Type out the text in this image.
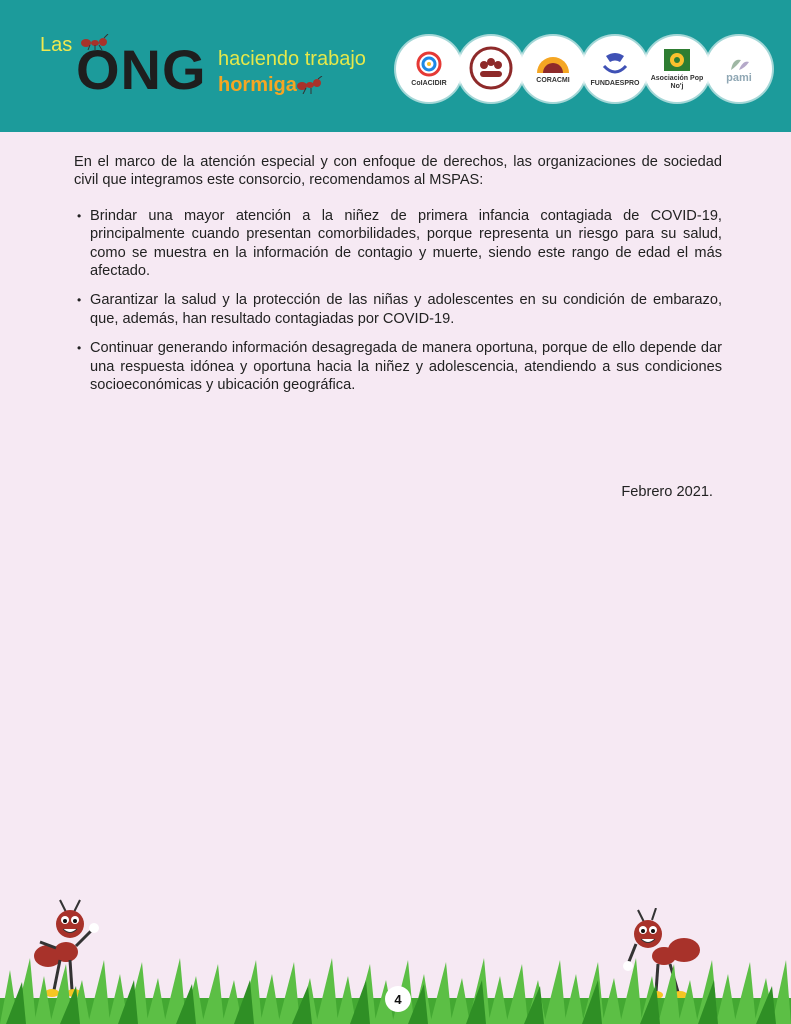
Las ONG haciendo trabajo
hormiga	CoIACIDIR	CORACMI	FUNDAESPRO
Asociación Pop No'j
pami

En el marco de la atención especial y con enfoque de derechos, las organizaciones de sociedad civil que integramos este consorcio, recomendamos al MSPAS:

• Brindar una mayor atención a la niñez de primera infancia contagiada de COVID-19, principalmente cuando presentan comorbilidades, porque representa un riesgo para su salud, como se muestra en la información de contagio y muerte, siendo este rango de edad el más afectado.
• Garantizar la salud y la protección de las niñas y adolescentes en su condición de embarazo, que, además, han resultado contagiadas por COVID-19.
• Continuar generando información desagregada de manera oportuna, porque de ello depende dar una respuesta idónea y oportuna hacia la niñez y adolescencia, atendiendo a sus condiciones socioeconómicas y ubicación geográfica.
Febrero 2021.
4
